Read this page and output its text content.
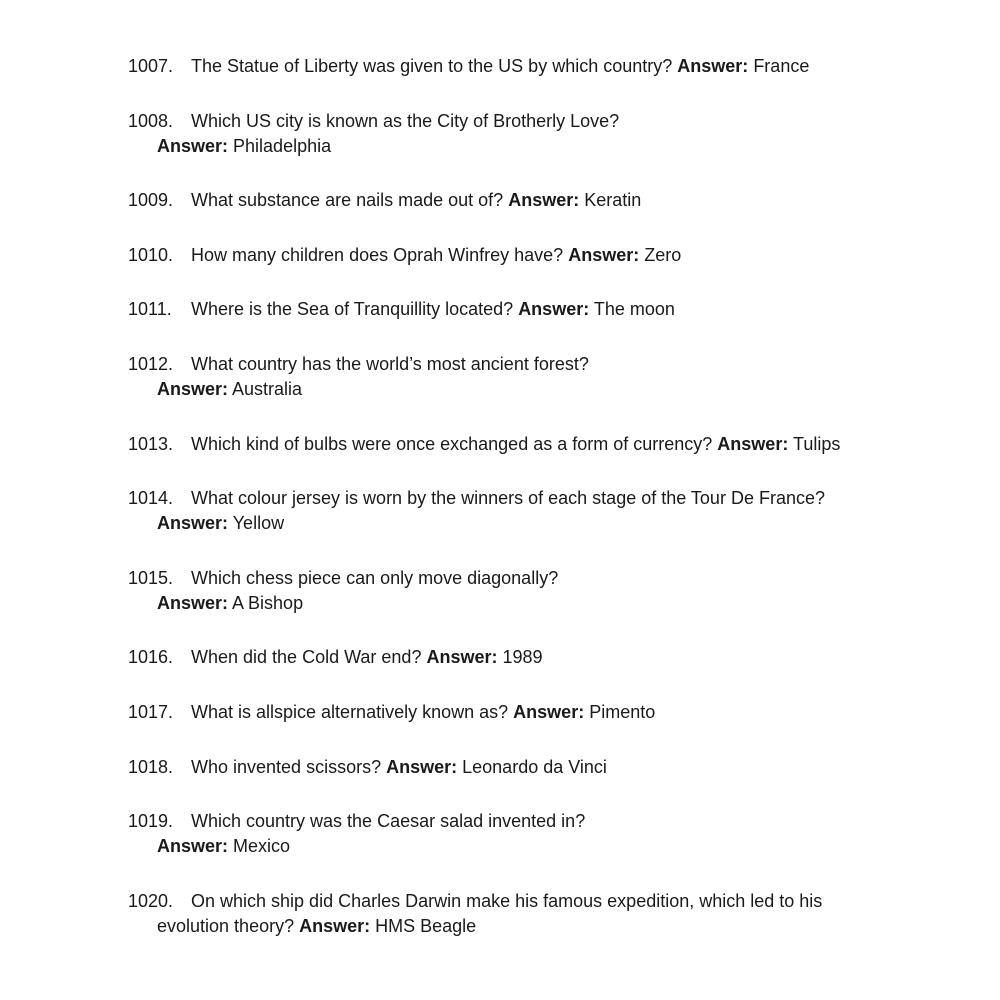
1007. The Statue of Liberty was given to the US by which country? Answer: France
1008. Which US city is known as the City of Brotherly Love?
Answer: Philadelphia
1009. What substance are nails made out of? Answer: Keratin
1010. How many children does Oprah Winfrey have? Answer: Zero
1011.	Where is the Sea of Tranquillity located? Answer: The moon
1012. What country has the world’s most ancient forest?
Answer: Australia
1013. Which kind of bulbs were once exchanged as a form of currency? Answer: Tulips
1014. What colour jersey is worn by the winners of each stage of the Tour De France?
Answer: Yellow
1015. Which chess piece can only move diagonally?
Answer: A Bishop
1016. When did the Cold War end? Answer: 1989
1017. What is allspice alternatively known as? Answer: Pimento
1018. Who invented scissors? Answer: Leonardo da Vinci
1019. Which country was the Caesar salad invented in?
Answer: Mexico
1020. On which ship did Charles Darwin make his famous expedition, which led to his
evolution theory? Answer: HMS Beagle
